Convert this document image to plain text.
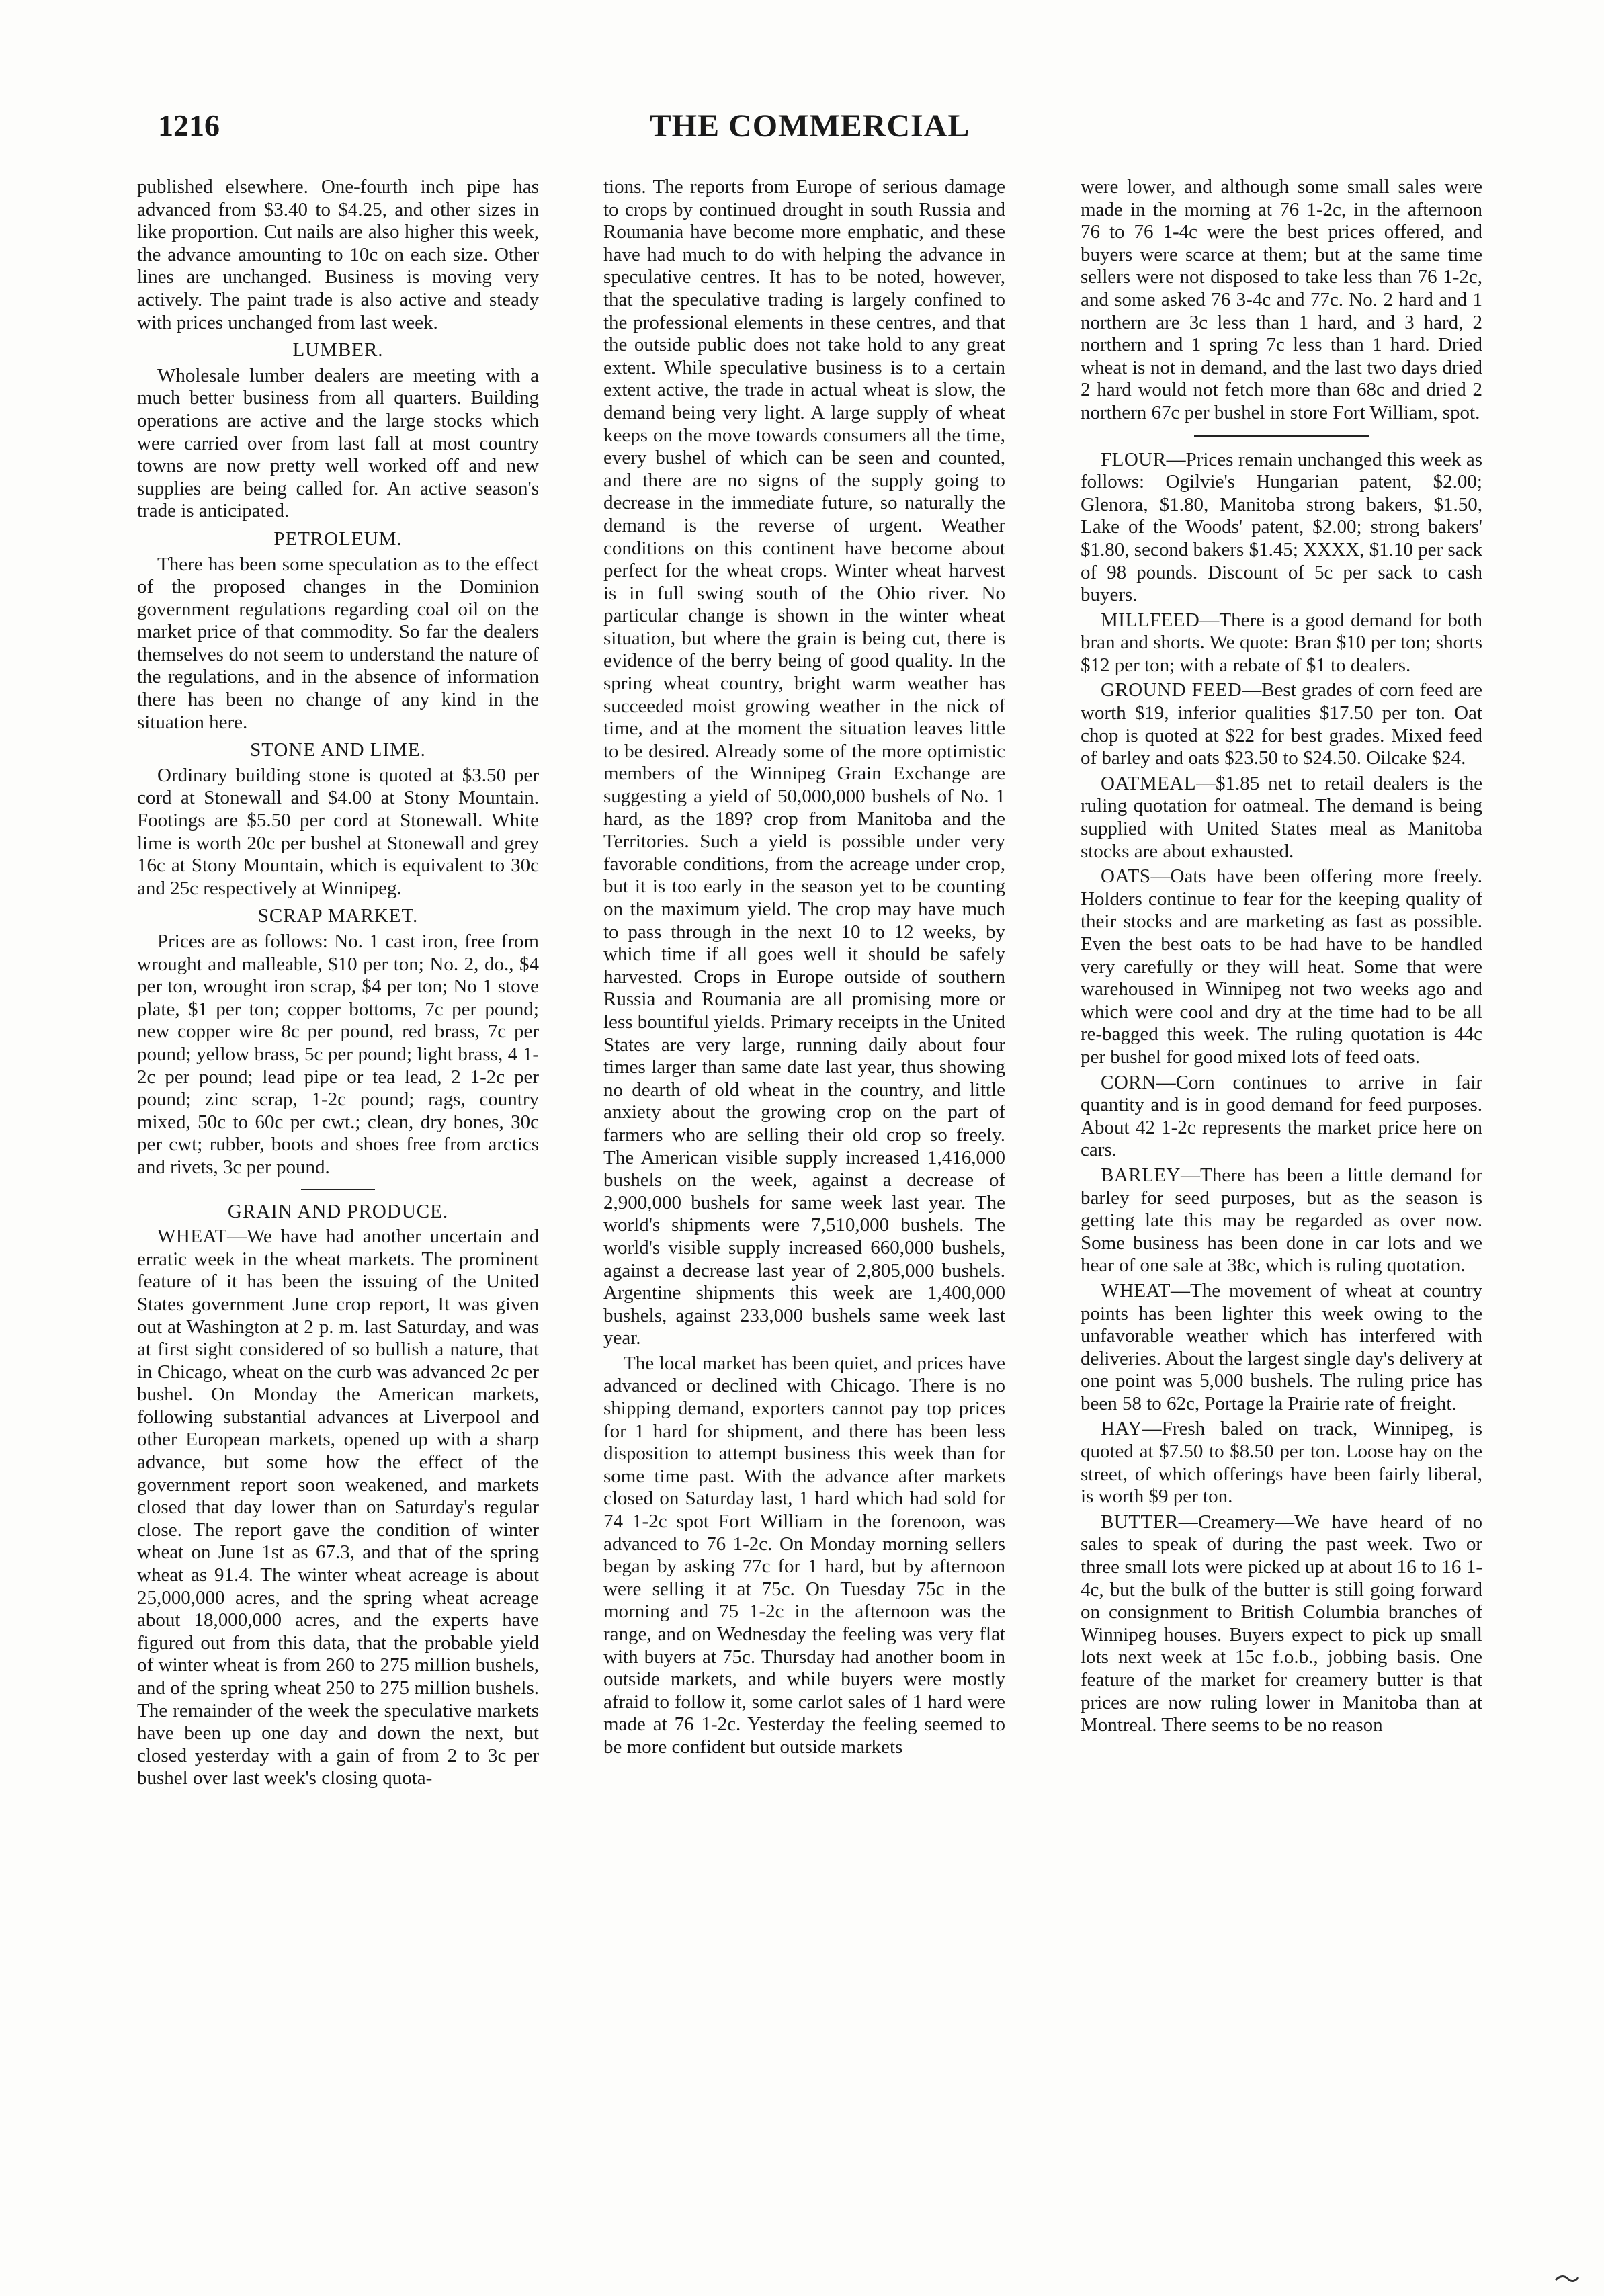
1216	THE COMMERCIAL

published elsewhere. One-fourth inch pipe has advanced from $3.40 to $4.25, and other sizes in like proportion. Cut nails are also higher this week, the advance amounting to 10c on each size. Other lines are unchanged. Business is moving very actively. The paint trade is also active and steady with prices unchanged from last week.

LUMBER.

Wholesale lumber dealers are meeting with a much better business from all quarters. Building operations are active and the large stocks which were carried over from last fall at most country towns are now pretty well worked off and new supplies are being called for. An active season's trade is anticipated.

PETROLEUM.

There has been some speculation as to the effect of the proposed changes in the Dominion government regulations regarding coal oil on the market price of that commodity. So far the dealers themselves do not seem to understand the nature of the regulations, and in the absence of information there has been no change of any kind in the situation here.

STONE AND LIME.

Ordinary building stone is quoted at $3.50 per cord at Stonewall and $4.00 at Stony Mountain. Footings are $5.50 per cord at Stonewall. White lime is worth 20c per bushel at Stonewall and grey 16c at Stony Mountain, which is equivalent to 30c and 25c respectively at Winnipeg.

SCRAP MARKET.

Prices are as follows: No. 1 cast iron, free from wrought and malleable, $10 per ton; No. 2, do., $4 per ton, wrought iron scrap, $4 per ton; No 1 stove plate, $1 per ton; copper bottoms, 7c per pound; new copper wire 8c per pound, red brass, 7c per pound; yellow brass, 5c per pound; light brass, 4 1-2c per pound; lead pipe or tea lead, 2 1-2c per pound; zinc scrap, 1-2c pound; rags, country mixed, 50c to 60c per cwt.; clean, dry bones, 30c per cwt; rubber, boots and shoes free from arctics and rivets, 3c per pound.

GRAIN AND PRODUCE.

WHEAT—We have had another uncertain and erratic week in the wheat markets. The prominent feature of it has been the issuing of the United States government June crop report, It was given out at Washington at 2 p. m. last Saturday, and was at first sight considered of so bullish a nature, that in Chicago, wheat on the curb was advanced 2c per bushel. On Monday the American markets, following substantial advances at Liverpool and other European markets, opened up with a sharp advance, but some how the effect of the government report soon weakened, and markets closed that day lower than on Saturday's regular close. The report gave the condition of winter wheat on June 1st as 67.3, and that of the spring wheat as 91.4. The winter wheat acreage is about 25,000,000 acres, and the spring wheat acreage about 18,000,000 acres, and the experts have figured out from this data, that the probable yield of winter wheat is from 260 to 275 million bushels, and of the spring wheat 250 to 275 million bushels. The remainder of the week the speculative markets have been up one day and down the next, but closed yesterday with a gain of from 2 to 3c per bushel over last week's closing quota-

tions. The reports from Europe of serious damage to crops by continued drought in south Russia and Roumania have become more emphatic, and these have had much to do with helping the advance in speculative centres. It has to be noted, however, that the speculative trading is largely confined to the professional elements in these centres, and that the outside public does not take hold to any great extent. While speculative business is to a certain extent active, the trade in actual wheat is slow, the demand being very light. A large supply of wheat keeps on the move towards consumers all the time, every bushel of which can be seen and counted, and there are no signs of the supply going to decrease in the immediate future, so naturally the demand is the reverse of urgent. Weather conditions on this continent have become about perfect for the wheat crops. Winter wheat harvest is in full swing south of the Ohio river. No particular change is shown in the winter wheat situation, but where the grain is being cut, there is evidence of the berry being of good quality. In the spring wheat country, bright warm weather has succeeded moist growing weather in the nick of time, and at the moment the situation leaves little to be desired. Already some of the more optimistic members of the Winnipeg Grain Exchange are suggesting a yield of 50,000,000 bushels of No. 1 hard, as the 189? crop from Manitoba and the Territories. Such a yield is possible under very favorable conditions, from the acreage under crop, but it is too early in the season yet to be counting on the maximum yield. The crop may have much to pass through in the next 10 to 12 weeks, by which time if all goes well it should be safely harvested. Crops in Europe outside of southern Russia and Roumania are all promising more or less bountiful yields. Primary receipts in the United States are very large, running daily about four times larger than same date last year, thus showing no dearth of old wheat in the country, and little anxiety about the growing crop on the part of farmers who are selling their old crop so freely. The American visible supply increased 1,416,000 bushels on the week, against a decrease of 2,900,000 bushels for same week last year. The world's shipments were 7,510,000 bushels. The world's visible supply increased 660,000 bushels, against a decrease last year of 2,805,000 bushels. Argentine shipments this week are 1,400,000 bushels, against 233,000 bushels same week last year.

The local market has been quiet, and prices have advanced or declined with Chicago. There is no shipping demand, exporters cannot pay top prices for 1 hard for shipment, and there has been less disposition to attempt business this week than for some time past. With the advance after markets closed on Saturday last, 1 hard which had sold for 74 1-2c spot Fort William in the forenoon, was advanced to 76 1-2c. On Monday morning sellers began by asking 77c for 1 hard, but by afternoon were selling it at 75c. On Tuesday 75c in the morning and 75 1-2c in the afternoon was the range, and on Wednesday the feeling was very flat with buyers at 75c. Thursday had another boom in outside markets, and while buyers were mostly afraid to follow it, some carlot sales of 1 hard were made at 76 1-2c. Yesterday the feeling seemed to be more confident but outside markets

were lower, and although some small sales were made in the morning at 76 1-2c, in the afternoon 76 to 76 1-4c were the best prices offered, and buyers were scarce at them; but at the same time sellers were not disposed to take less than 76 1-2c, and some asked 76 3-4c and 77c. No. 2 hard and 1 northern are 3c less than 1 hard, and 3 hard, 2 northern and 1 spring 7c less than 1 hard. Dried wheat is not in demand, and the last two days dried 2 hard would not fetch more than 68c and dried 2 northern 67c per bushel in store Fort William, spot.

FLOUR—Prices remain unchanged this week as follows: Ogilvie's Hungarian patent, $2.00; Glenora, $1.80, Manitoba strong bakers, $1.50, Lake of the Woods' patent, $2.00; strong bakers' $1.80, second bakers $1.45; XXXX, $1.10 per sack of 98 pounds. Discount of 5c per sack to cash buyers.

MILLFEED—There is a good demand for both bran and shorts. We quote: Bran $10 per ton; shorts $12 per ton; with a rebate of $1 to dealers.

GROUND FEED—Best grades of corn feed are worth $19, inferior qualities $17.50 per ton. Oat chop is quoted at $22 for best grades. Mixed feed of barley and oats $23.50 to $24.50. Oilcake $24.

OATMEAL—$1.85 net to retail dealers is the ruling quotation for oatmeal. The demand is being supplied with United States meal as Manitoba stocks are about exhausted.

OATS—Oats have been offering more freely. Holders continue to fear for the keeping quality of their stocks and are marketing as fast as possible. Even the best oats to be had have to be handled very carefully or they will heat. Some that were warehoused in Winnipeg not two weeks ago and which were cool and dry at the time had to be all re-bagged this week. The ruling quotation is 44c per bushel for good mixed lots of feed oats.

CORN—Corn continues to arrive in fair quantity and is in good demand for feed purposes. About 42 1-2c represents the market price here on cars.

BARLEY—There has been a little demand for barley for seed purposes, but as the season is getting late this may be regarded as over now. Some business has been done in car lots and we hear of one sale at 38c, which is ruling quotation.

WHEAT—The movement of wheat at country points has been lighter this week owing to the unfavorable weather which has interfered with deliveries. About the largest single day's delivery at one point was 5,000 bushels. The ruling price has been 58 to 62c, Portage la Prairie rate of freight.

HAY—Fresh baled on track, Winnipeg, is quoted at $7.50 to $8.50 per ton. Loose hay on the street, of which offerings have been fairly liberal, is worth $9 per ton.

BUTTER—Creamery—We have heard of no sales to speak of during the past week. Two or three small lots were picked up at about 16 to 16 1-4c, but the bulk of the butter is still going forward on consignment to British Columbia branches of Winnipeg houses. Buyers expect to pick up small lots next week at 15c f.o.b., jobbing basis. One feature of the market for creamery butter is that prices are now ruling lower in Manitoba than at Montreal. There seems to be no reason
